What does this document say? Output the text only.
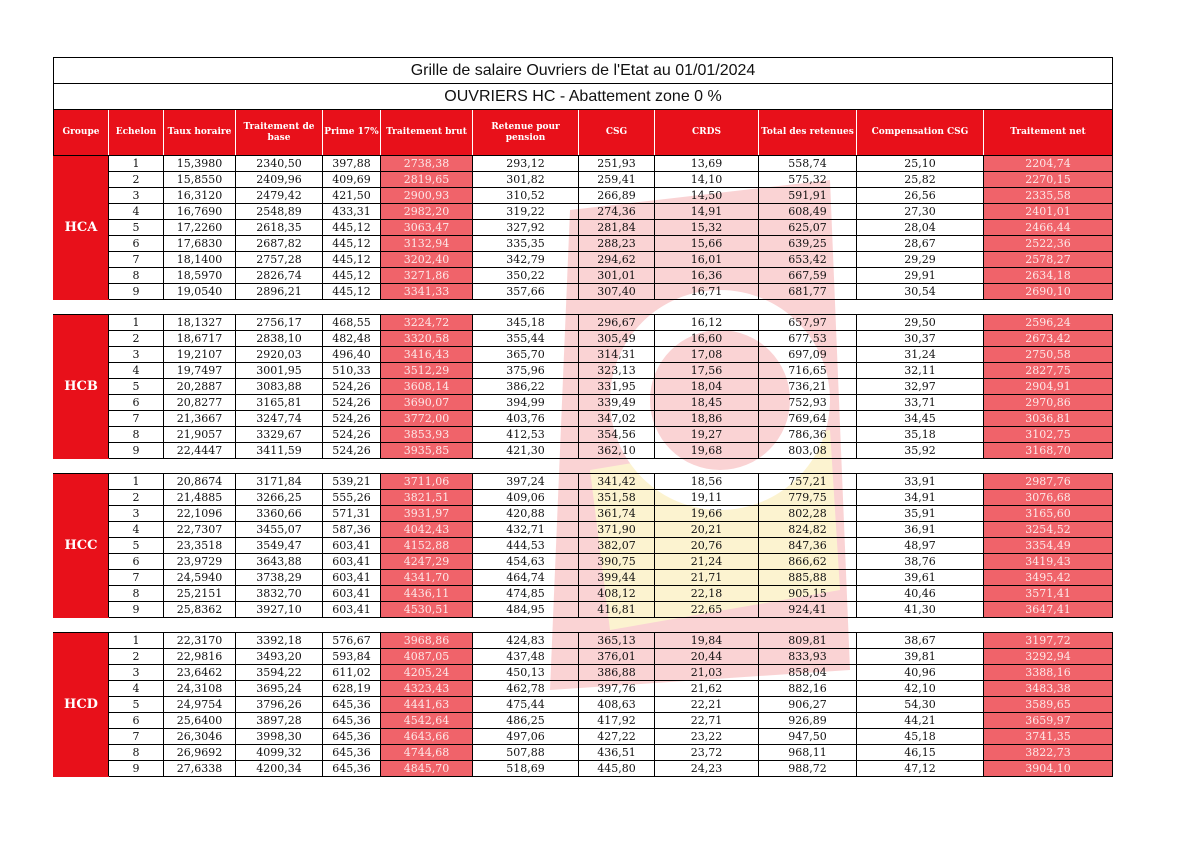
Grille de salaire Ouvriers de l'Etat au 01/01/2024											
OUVRIERS HC - Abattement zone 0 %											
Groupe	Echelon	Taux horaire	Traitement de base	Prime 17%	Traitement brut	Retenue pour pension	CSG	CRDS	Total des retenues	Compensation CSG	Traitement net
HCA	1	15,3980	2340,50	397,88	2738,38	293,12	251,93	13,69	558,74	25,10	2204,74
	2	15,8550	2409,96	409,69	2819,65	301,82	259,41	14,10	575,32	25,82	2270,15
	3	16,3120	2479,42	421,50	2900,93	310,52	266,89	14,50	591,91	26,56	2335,58
	4	16,7690	2548,89	433,31	2982,20	319,22	274,36	14,91	608,49	27,30	2401,01
	5	17,2260	2618,35	445,12	3063,47	327,92	281,84	15,32	625,07	28,04	2466,44
	6	17,6830	2687,82	445,12	3132,94	335,35	288,23	15,66	639,25	28,67	2522,36
	7	18,1400	2757,28	445,12	3202,40	342,79	294,62	16,01	653,42	29,29	2578,27
	8	18,5970	2826,74	445,12	3271,86	350,22	301,01	16,36	667,59	29,91	2634,18
	9	19,0540	2896,21	445,12	3341,33	357,66	307,40	16,71	681,77	30,54	2690,10

HCB	1	18,1327	2756,17	468,55	3224,72	345,18	296,67	16,12	657,97	29,50	2596,24
	2	18,6717	2838,10	482,48	3320,58	355,44	305,49	16,60	677,53	30,37	2673,42
	3	19,2107	2920,03	496,40	3416,43	365,70	314,31	17,08	697,09	31,24	2750,58
	4	19,7497	3001,95	510,33	3512,29	375,96	323,13	17,56	716,65	32,11	2827,75
	5	20,2887	3083,88	524,26	3608,14	386,22	331,95	18,04	736,21	32,97	2904,91
	6	20,8277	3165,81	524,26	3690,07	394,99	339,49	18,45	752,93	33,71	2970,86
	7	21,3667	3247,74	524,26	3772,00	403,76	347,02	18,86	769,64	34,45	3036,81
	8	21,9057	3329,67	524,26	3853,93	412,53	354,56	19,27	786,36	35,18	3102,75
	9	22,4447	3411,59	524,26	3935,85	421,30	362,10	19,68	803,08	35,92	3168,70

HCC	1	20,8674	3171,84	539,21	3711,06	397,24	341,42	18,56	757,21	33,91	2987,76
	2	21,4885	3266,25	555,26	3821,51	409,06	351,58	19,11	779,75	34,91	3076,68
	3	22,1096	3360,66	571,31	3931,97	420,88	361,74	19,66	802,28	35,91	3165,60
	4	22,7307	3455,07	587,36	4042,43	432,71	371,90	20,21	824,82	36,91	3254,52
	5	23,3518	3549,47	603,41	4152,88	444,53	382,07	20,76	847,36	48,97	3354,49
	6	23,9729	3643,88	603,41	4247,29	454,63	390,75	21,24	866,62	38,76	3419,43
	7	24,5940	3738,29	603,41	4341,70	464,74	399,44	21,71	885,88	39,61	3495,42
	8	25,2151	3832,70	603,41	4436,11	474,85	408,12	22,18	905,15	40,46	3571,41
	9	25,8362	3927,10	603,41	4530,51	484,95	416,81	22,65	924,41	41,30	3647,41

HCD	1	22,3170	3392,18	576,67	3968,86	424,83	365,13	19,84	809,81	38,67	3197,72
	2	22,9816	3493,20	593,84	4087,05	437,48	376,01	20,44	833,93	39,81	3292,94
	3	23,6462	3594,22	611,02	4205,24	450,13	386,88	21,03	858,04	40,96	3388,16
	4	24,3108	3695,24	628,19	4323,43	462,78	397,76	21,62	882,16	42,10	3483,38
	5	24,9754	3796,26	645,36	4441,63	475,44	408,63	22,21	906,27	54,30	3589,65
	6	25,6400	3897,28	645,36	4542,64	486,25	417,92	22,71	926,89	44,21	3659,97
	7	26,3046	3998,30	645,36	4643,66	497,06	427,22	23,22	947,50	45,18	3741,35
	8	26,9692	4099,32	645,36	4744,68	507,88	436,51	23,72	968,11	46,15	3822,73
	9	27,6338	4200,34	645,36	4845,70	518,69	445,80	24,23	988,72	47,12	3904,10
